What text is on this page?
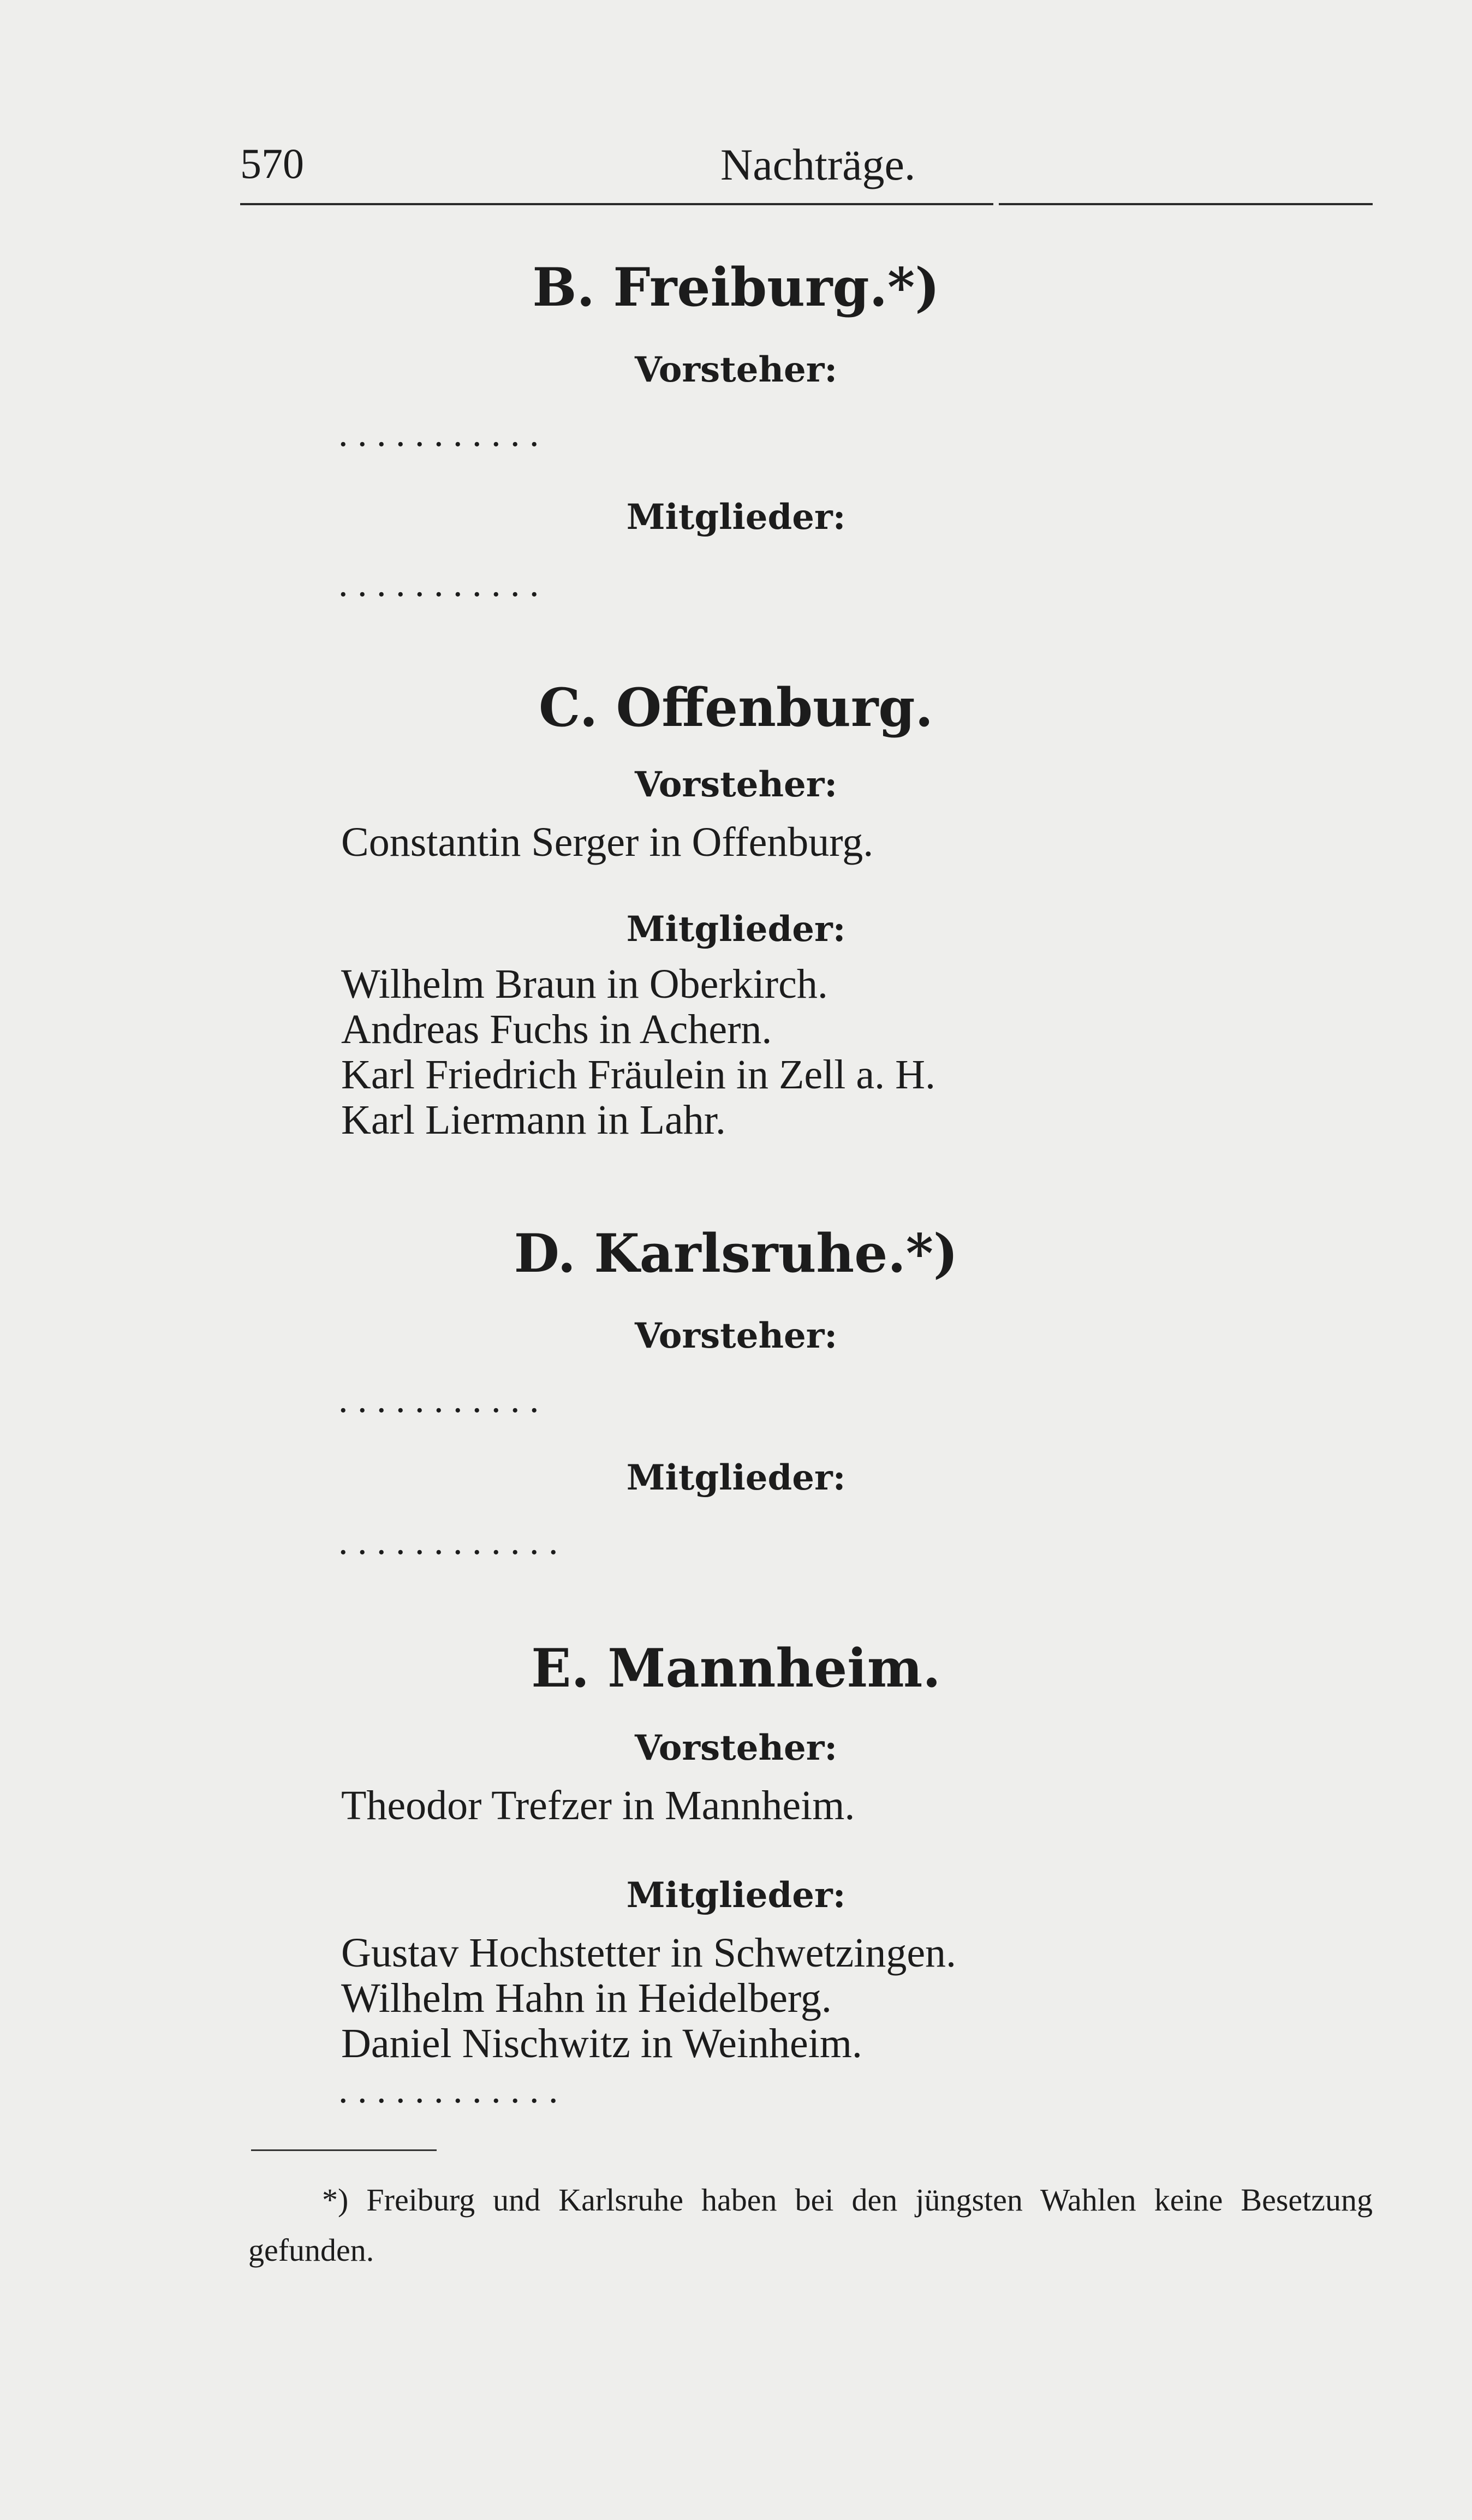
570	Nachträge.
B. Freiburg.*)
Vorsteher:
. . . . . . . . . . .
Mitglieder:
. . . . . . . . . . .
C. Offenburg.
Vorsteher:
Constantin Serger in Offenburg.
Mitglieder:
Wilhelm Braun in Oberkirch.
Andreas Fuchs in Achern.
Karl Friedrich Fräulein in Zell a. H.
Karl Liermann in Lahr.
D. Karlsruhe.*)
Vorsteher:
. . . . . . . . . . .
Mitglieder:
. . . . . . . . . . . .
E. Mannheim.
Vorsteher:
Theodor Trefzer in Mannheim.
Mitglieder:
Gustav Hochstetter in Schwetzingen.
Wilhelm Hahn in Heidelberg.
Daniel Nischwitz in Weinheim.
. . . . . . . . . . . .
*) Freiburg und Karlsruhe haben bei den jüngsten Wahlen keine Besetzung gefunden.
